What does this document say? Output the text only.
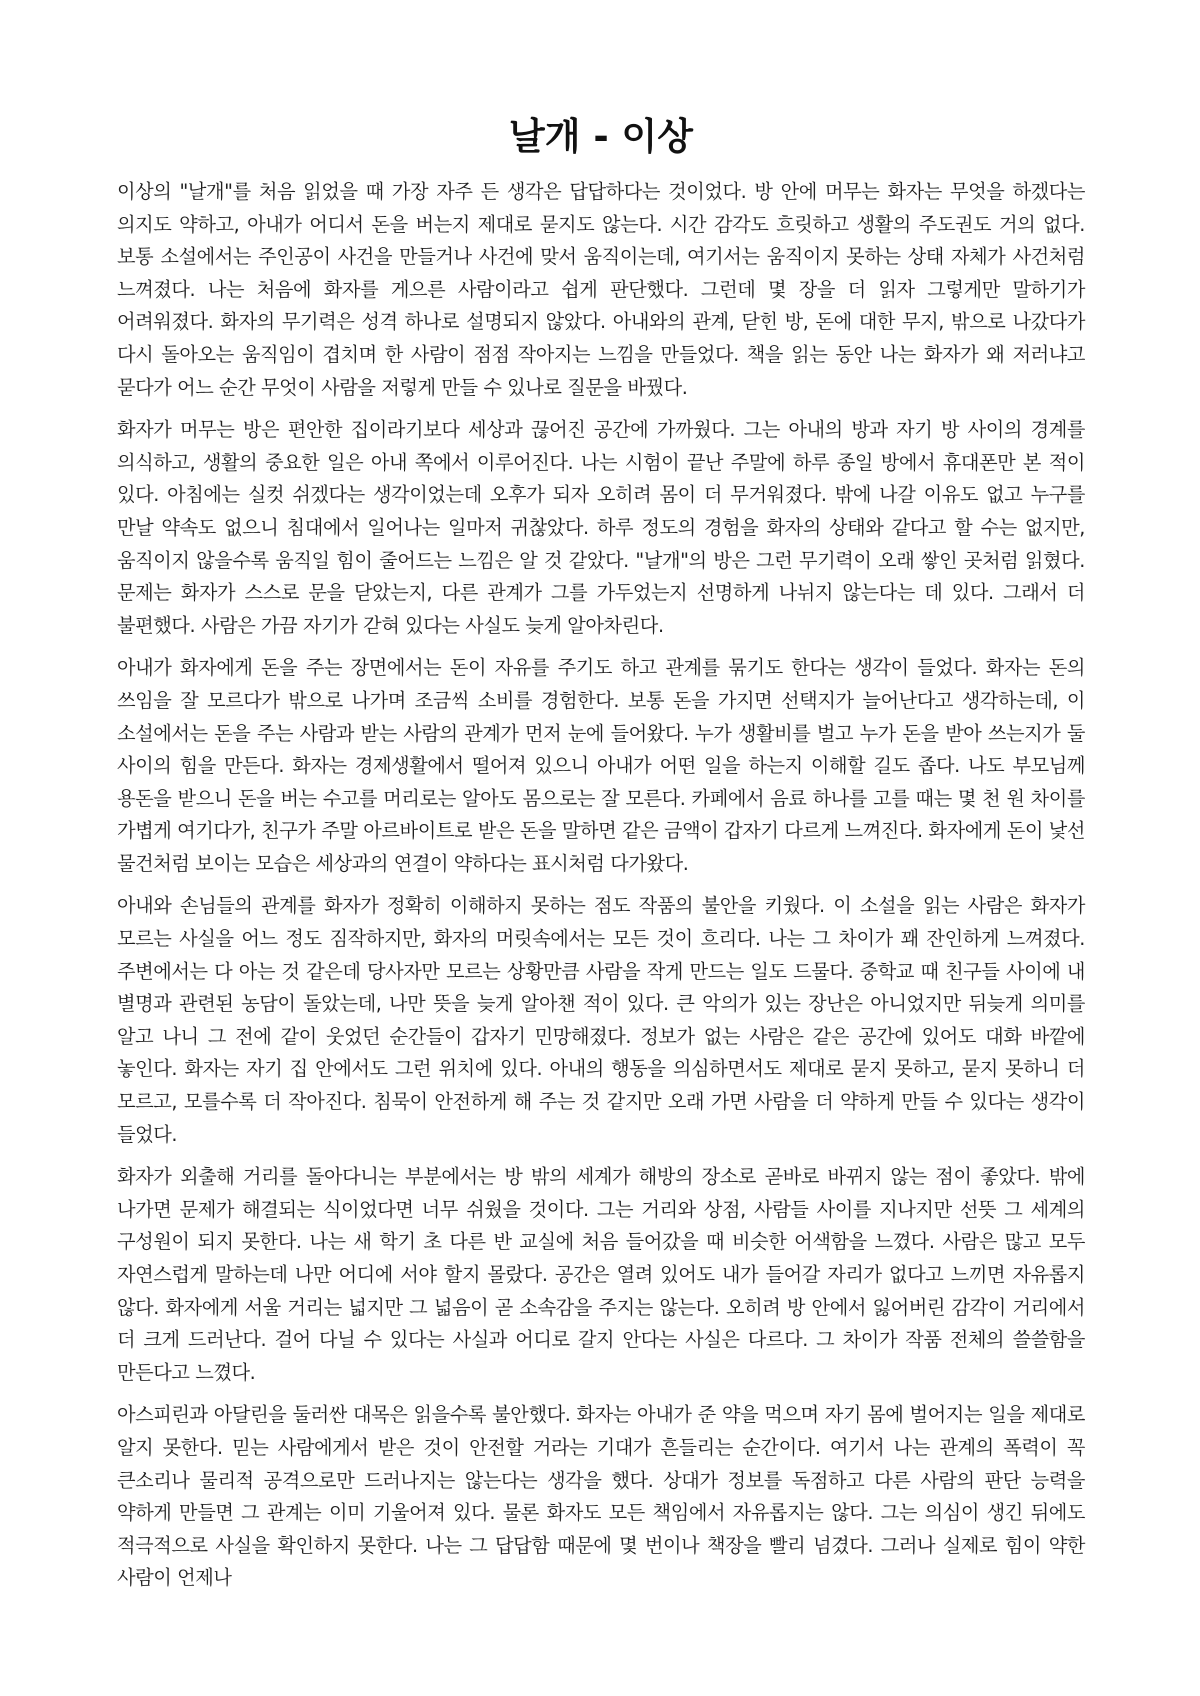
날개 - 이상

이상의 "날개"를 처음 읽었을 때 가장 자주 든 생각은 답답하다는 것이었다. 방 안에 머무는 화자는 무엇을 하겠다는 의지도 약하고, 아내가 어디서 돈을 버는지 제대로 묻지도 않는다. 시간 감각도 흐릿하고 생활의 주도권도 거의 없다. 보통 소설에서는 주인공이 사건을 만들거나 사건에 맞서 움직이는데, 여기서는 움직이지 못하는 상태 자체가 사건처럼 느껴졌다. 나는 처음에 화자를 게으른 사람이라고 쉽게 판단했다. 그런데 몇 장을 더 읽자 그렇게만 말하기가 어려워졌다. 화자의 무기력은 성격 하나로 설명되지 않았다. 아내와의 관계, 닫힌 방, 돈에 대한 무지, 밖으로 나갔다가 다시 돌아오는 움직임이 겹치며 한 사람이 점점 작아지는 느낌을 만들었다. 책을 읽는 동안 나는 화자가 왜 저러냐고 묻다가 어느 순간 무엇이 사람을 저렇게 만들 수 있나로 질문을 바꿨다.

화자가 머무는 방은 편안한 집이라기보다 세상과 끊어진 공간에 가까웠다. 그는 아내의 방과 자기 방 사이의 경계를 의식하고, 생활의 중요한 일은 아내 쪽에서 이루어진다. 나는 시험이 끝난 주말에 하루 종일 방에서 휴대폰만 본 적이 있다. 아침에는 실컷 쉬겠다는 생각이었는데 오후가 되자 오히려 몸이 더 무거워졌다. 밖에 나갈 이유도 없고 누구를 만날 약속도 없으니 침대에서 일어나는 일마저 귀찮았다. 하루 정도의 경험을 화자의 상태와 같다고 할 수는 없지만, 움직이지 않을수록 움직일 힘이 줄어드는 느낌은 알 것 같았다. "날개"의 방은 그런 무기력이 오래 쌓인 곳처럼 읽혔다. 문제는 화자가 스스로 문을 닫았는지, 다른 관계가 그를 가두었는지 선명하게 나뉘지 않는다는 데 있다. 그래서 더 불편했다. 사람은 가끔 자기가 갇혀 있다는 사실도 늦게 알아차린다.

아내가 화자에게 돈을 주는 장면에서는 돈이 자유를 주기도 하고 관계를 묶기도 한다는 생각이 들었다. 화자는 돈의 쓰임을 잘 모르다가 밖으로 나가며 조금씩 소비를 경험한다. 보통 돈을 가지면 선택지가 늘어난다고 생각하는데, 이 소설에서는 돈을 주는 사람과 받는 사람의 관계가 먼저 눈에 들어왔다. 누가 생활비를 벌고 누가 돈을 받아 쓰는지가 둘 사이의 힘을 만든다. 화자는 경제생활에서 떨어져 있으니 아내가 어떤 일을 하는지 이해할 길도 좁다. 나도 부모님께 용돈을 받으니 돈을 버는 수고를 머리로는 알아도 몸으로는 잘 모른다. 카페에서 음료 하나를 고를 때는 몇 천 원 차이를 가볍게 여기다가, 친구가 주말 아르바이트로 받은 돈을 말하면 같은 금액이 갑자기 다르게 느껴진다. 화자에게 돈이 낯선 물건처럼 보이는 모습은 세상과의 연결이 약하다는 표시처럼 다가왔다.

아내와 손님들의 관계를 화자가 정확히 이해하지 못하는 점도 작품의 불안을 키웠다. 이 소설을 읽는 사람은 화자가 모르는 사실을 어느 정도 짐작하지만, 화자의 머릿속에서는 모든 것이 흐리다. 나는 그 차이가 꽤 잔인하게 느껴졌다. 주변에서는 다 아는 것 같은데 당사자만 모르는 상황만큼 사람을 작게 만드는 일도 드물다. 중학교 때 친구들 사이에 내 별명과 관련된 농담이 돌았는데, 나만 뜻을 늦게 알아챈 적이 있다. 큰 악의가 있는 장난은 아니었지만 뒤늦게 의미를 알고 나니 그 전에 같이 웃었던 순간들이 갑자기 민망해졌다. 정보가 없는 사람은 같은 공간에 있어도 대화 바깥에 놓인다. 화자는 자기 집 안에서도 그런 위치에 있다. 아내의 행동을 의심하면서도 제대로 묻지 못하고, 묻지 못하니 더 모르고, 모를수록 더 작아진다. 침묵이 안전하게 해 주는 것 같지만 오래 가면 사람을 더 약하게 만들 수 있다는 생각이 들었다.

화자가 외출해 거리를 돌아다니는 부분에서는 방 밖의 세계가 해방의 장소로 곧바로 바뀌지 않는 점이 좋았다. 밖에 나가면 문제가 해결되는 식이었다면 너무 쉬웠을 것이다. 그는 거리와 상점, 사람들 사이를 지나지만 선뜻 그 세계의 구성원이 되지 못한다. 나는 새 학기 초 다른 반 교실에 처음 들어갔을 때 비슷한 어색함을 느꼈다. 사람은 많고 모두 자연스럽게 말하는데 나만 어디에 서야 할지 몰랐다. 공간은 열려 있어도 내가 들어갈 자리가 없다고 느끼면 자유롭지 않다. 화자에게 서울 거리는 넓지만 그 넓음이 곧 소속감을 주지는 않는다. 오히려 방 안에서 잃어버린 감각이 거리에서 더 크게 드러난다. 걸어 다닐 수 있다는 사실과 어디로 갈지 안다는 사실은 다르다. 그 차이가 작품 전체의 쓸쓸함을 만든다고 느꼈다.

아스피린과 아달린을 둘러싼 대목은 읽을수록 불안했다. 화자는 아내가 준 약을 먹으며 자기 몸에 벌어지는 일을 제대로 알지 못한다. 믿는 사람에게서 받은 것이 안전할 거라는 기대가 흔들리는 순간이다. 여기서 나는 관계의 폭력이 꼭 큰소리나 물리적 공격으로만 드러나지는 않는다는 생각을 했다. 상대가 정보를 독점하고 다른 사람의 판단 능력을 약하게 만들면 그 관계는 이미 기울어져 있다. 물론 화자도 모든 책임에서 자유롭지는 않다. 그는 의심이 생긴 뒤에도 적극적으로 사실을 확인하지 못한다. 나는 그 답답함 때문에 몇 번이나 책장을 빨리 넘겼다. 그러나 실제로 힘이 약한 사람이 언제나
